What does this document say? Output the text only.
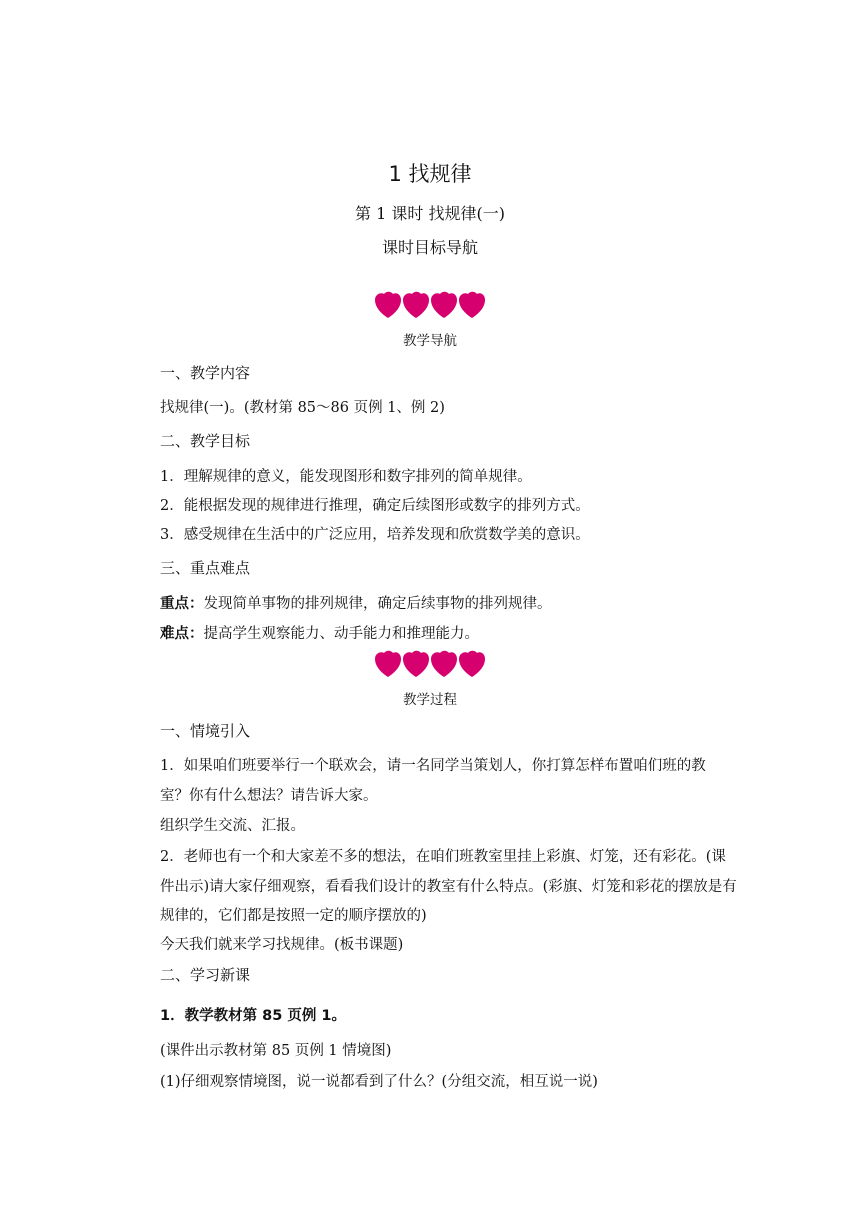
1 找规律
第 1 课时 找规律(一)
课时目标导航
教学导航
一、教学内容
找规律(一)。(教材第 85～86 页例 1、例 2)
二、教学目标
1．理解规律的意义，能发现图形和数字排列的简单规律。
2．能根据发现的规律进行推理，确定后续图形或数字的排列方式。
3．感受规律在生活中的广泛应用，培养发现和欣赏数学美的意识。
三、重点难点
重点：发现简单事物的排列规律，确定后续事物的排列规律。
难点：提高学生观察能力、动手能力和推理能力。
教学过程
一、情境引入
1．如果咱们班要举行一个联欢会，请一名同学当策划人，你打算怎样布置咱们班的教
室？你有什么想法？请告诉大家。
组织学生交流、汇报。
2．老师也有一个和大家差不多的想法，在咱们班教室里挂上彩旗、灯笼，还有彩花。(课
件出示)请大家仔细观察，看看我们设计的教室有什么特点。(彩旗、灯笼和彩花的摆放是有
规律的，它们都是按照一定的顺序摆放的)
今天我们就来学习找规律。(板书课题)
二、学习新课
1．教学教材第 85 页例 1。
(课件出示教材第 85 页例 1 情境图)
(1)仔细观察情境图，说一说都看到了什么？(分组交流，相互说一说)
